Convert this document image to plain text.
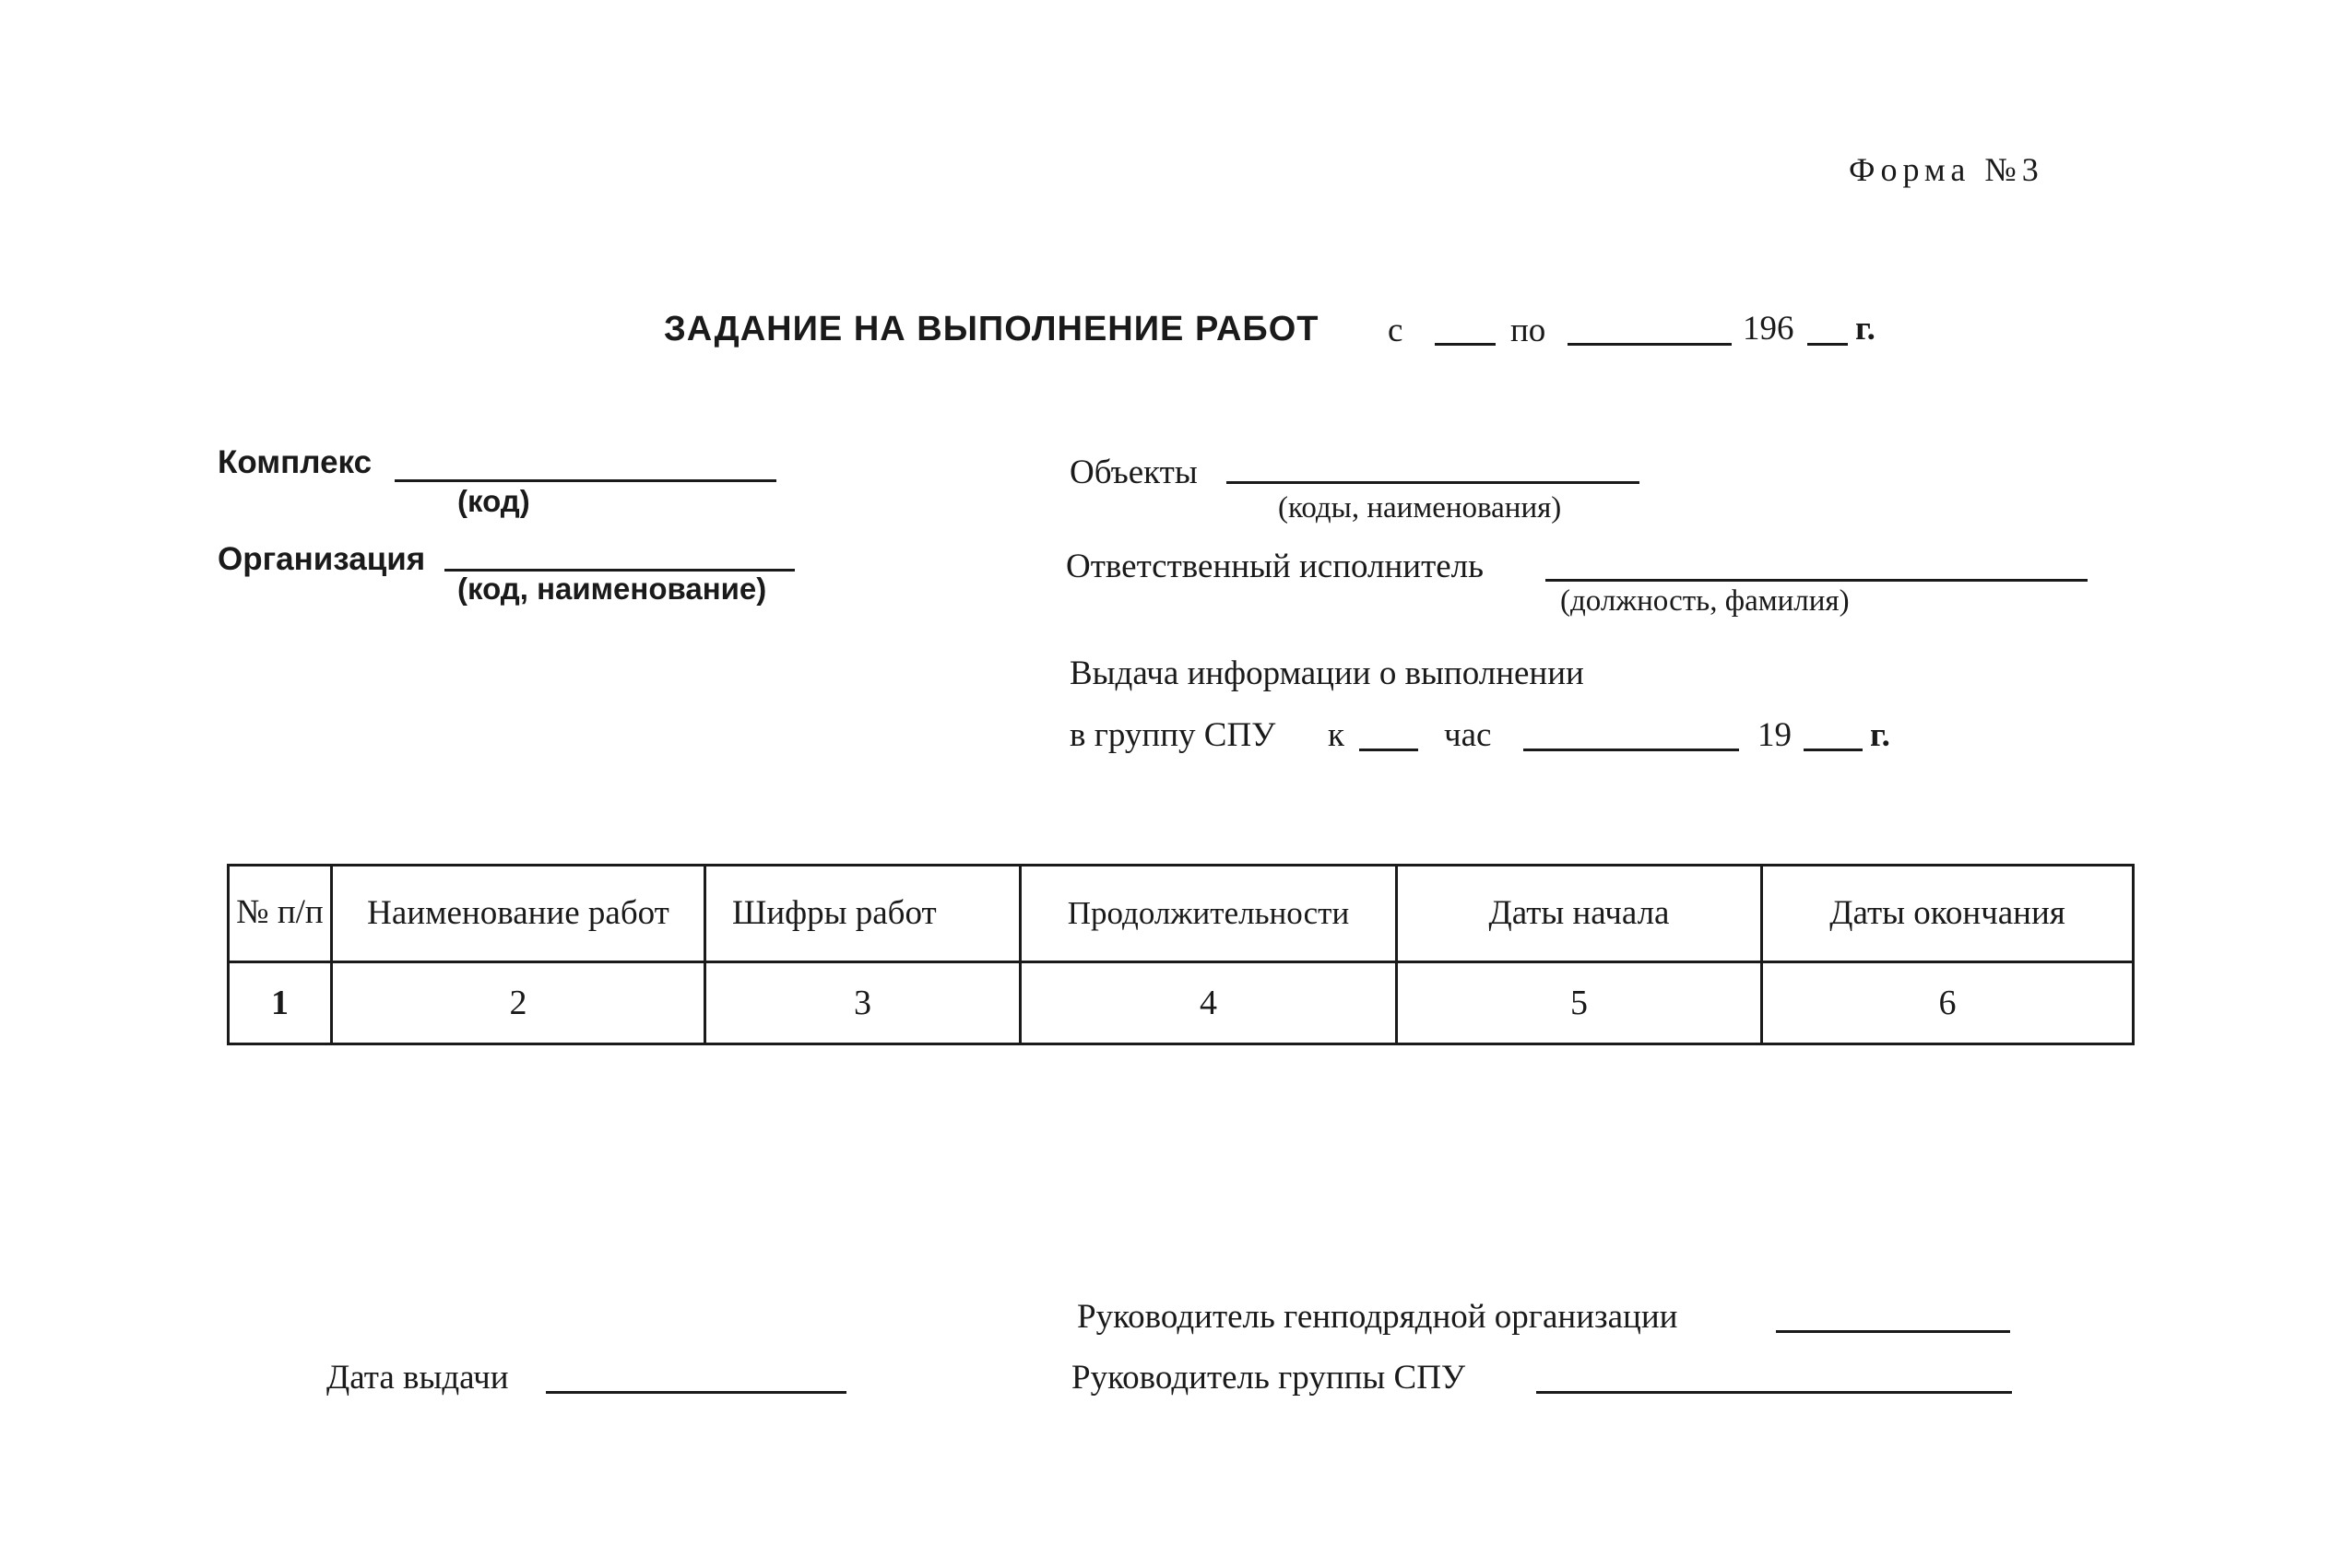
Форма №3
ЗАДАНИЕ НА ВЫПОЛНЕНИЕ РАБОТ с	по	196 г.
Комплекс
(код)
Организация
(код, наименование)
Объекты
(коды, наименования)
Ответственный исполнитель
(должность, фамилия)
Выдача информации о выполнении
в группу СПУ к	час	19 г.
№ п/п	Наименование работ	Шифры работ	Продолжительности	Даты начала	Даты окончания
1	2	3	4	5	6
Руководитель генподрядной организации
Дата выдачи	Руководитель группы СПУ
